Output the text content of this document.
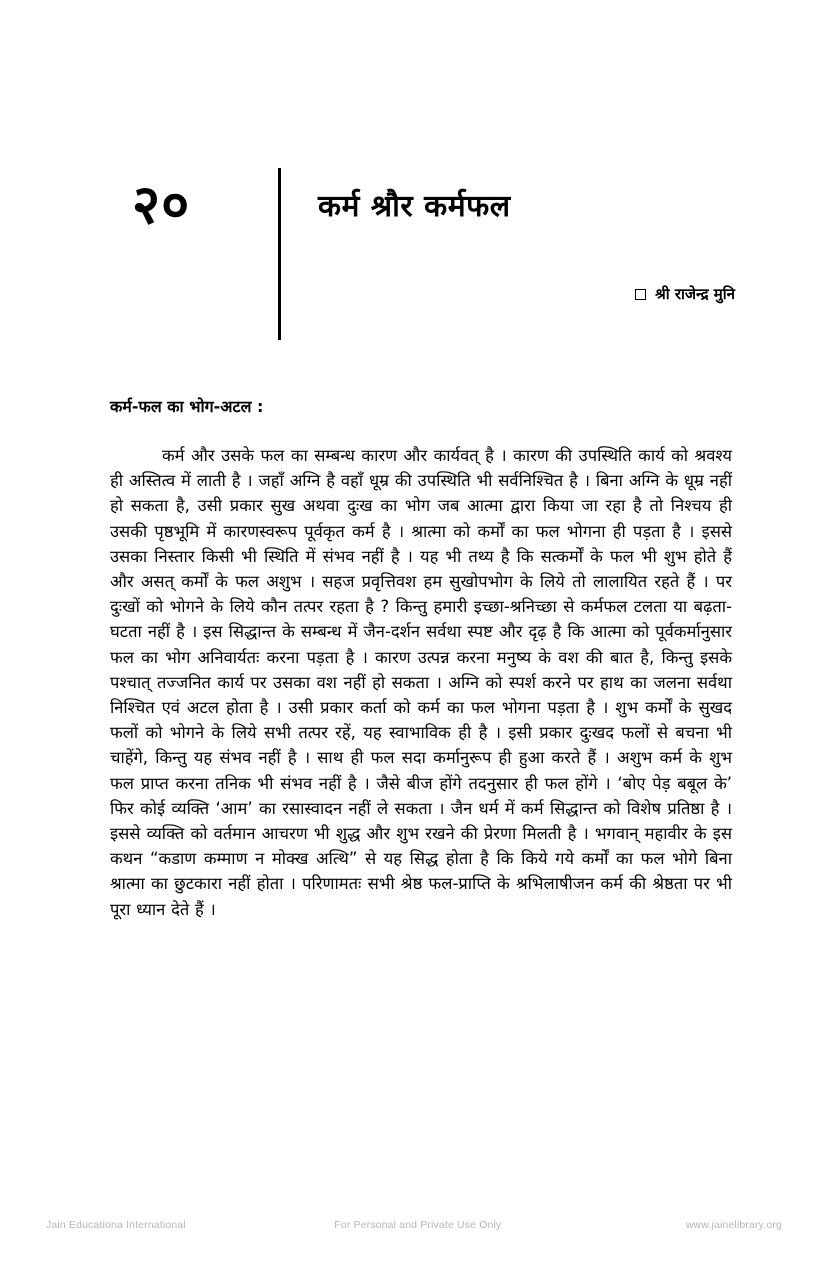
२०	कर्म श्रौर कर्मफल
श्री राजेन्द्र मुनि
कर्म-फल का भोग-अटल :

कर्म और उसके फल का सम्बन्ध कारण और कार्यवत् है । कारण की उपस्थिति कार्य को श्रवश्य ही अस्तित्व में लाती है । जहाँ अग्नि है वहाँ धूम्र की उपस्थिति भी सर्वनिश्चित है । बिना अग्नि के धूम्र नहीं हो सकता है, उसी प्रकार सुख अथवा दुःख का भोग जब आत्मा द्वारा किया जा रहा है तो निश्चय ही उसकी पृष्ठभूमि में कारणस्वरूप पूर्वकृत कर्म है । श्रात्मा को कर्मों का फल भोगना ही पड़ता है । इससे उसका निस्तार किसी भी स्थिति में संभव नहीं है । यह भी तथ्य है कि सत्कर्मों के फल भी शुभ होते हैं और असत् कर्मों के फल अशुभ । सहज प्रवृत्तिवश हम सुखोपभोग के लिये तो लालायित रहते हैं । पर दुःखों को भोगने के लिये कौन तत्पर रहता है ? किन्तु हमारी इच्छा-श्रनिच्छा से कर्मफल टलता या बढ़ता-घटता नहीं है । इस सिद्धान्त के सम्बन्ध में जैन-दर्शन सर्वथा स्पष्ट और दृढ़ है कि आत्मा को पूर्वकर्मानुसार फल का भोग अनिवार्यतः करना पड़ता है । कारण उत्पन्न करना मनुष्य के वश की बात है, किन्तु इसके पश्चात् तज्जनित कार्य पर उसका वश नहीं हो सकता । अग्नि को स्पर्श करने पर हाथ का जलना सर्वथा निश्चित एवं अटल होता है । उसी प्रकार कर्ता को कर्म का फल भोगना पड़ता है । शुभ कर्मों के सुखद फलों को भोगने के लिये सभी तत्पर रहें, यह स्वाभाविक ही है । इसी प्रकार दुःखद फलों से बचना भी चाहेंगे, किन्तु यह संभव नहीं है । साथ ही फल सदा कर्मानुरूप ही हुआ करते हैं । अशुभ कर्म के शुभ फल प्राप्त करना तनिक भी संभव नहीं है । जैसे बीज होंगे तदनुसार ही फल होंगे । ‘बोए पेड़ बबूल के’ फिर कोई व्यक्ति ‘आम’ का रसास्वादन नहीं ले सकता । जैन धर्म में कर्म सिद्धान्त को विशेष प्रतिष्ठा है । इससे व्यक्ति को वर्तमान आचरण भी शुद्ध और शुभ रखने की प्रेरणा मिलती है । भगवान् महावीर के इस कथन “कडाण कम्माण न मोक्ख अत्थि” से यह सिद्ध होता है कि किये गये कर्मों का फल भोगे बिना श्रात्मा का छुटकारा नहीं होता । परिणामतः सभी श्रेष्ठ फल-प्राप्ति के श्रभिलाषीजन कर्म की श्रेष्ठता पर भी पूरा ध्यान देते हैं ।

Jain Educationa International	For Personal and Private Use Only	www.jainelibrary.org
